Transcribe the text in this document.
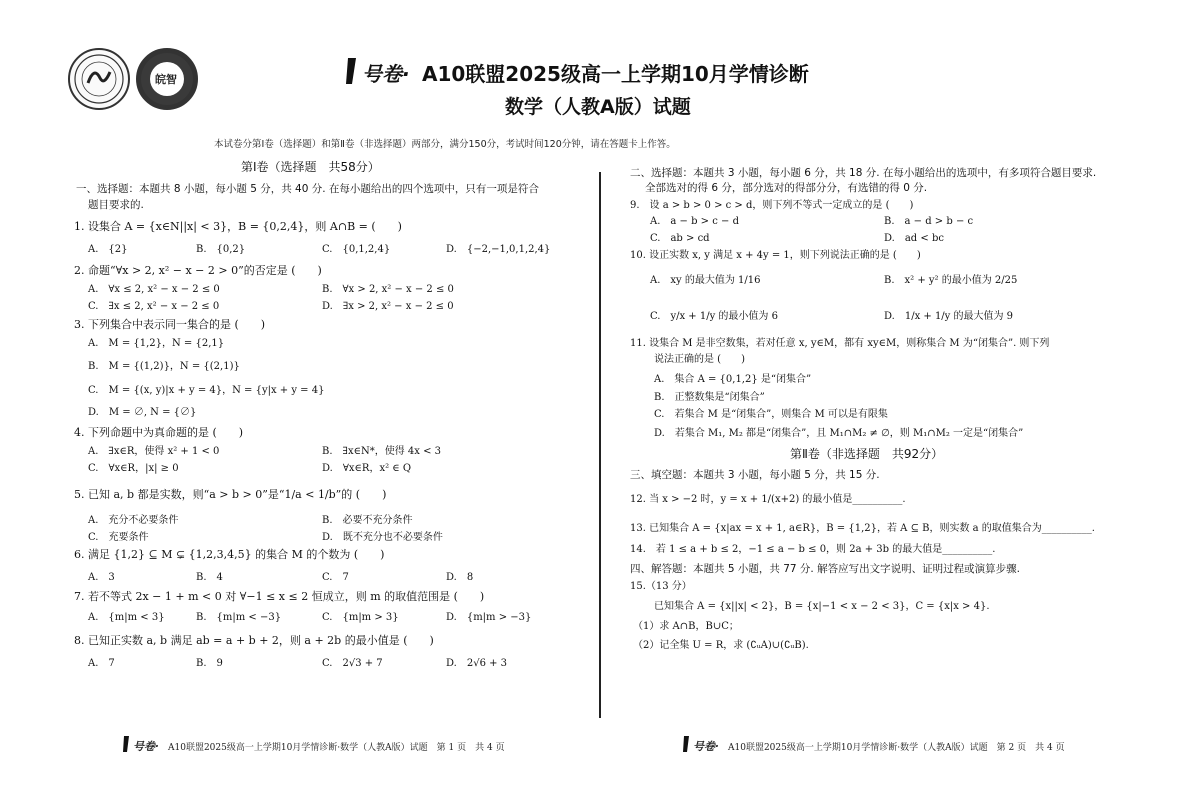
皖智	号卷· A10联盟2025级高一上学期10月学情诊断
数学（人教A版）试题
本试卷分第Ⅰ卷（选择题）和第Ⅱ卷（非选择题）两部分，满分150分，考试时间120分钟，请在答题卡上作答。
第Ⅰ卷（选择题　共58分）
一、选择题：本题共 8 小题，每小题 5 分，共 40 分. 在每小题给出的四个选项中，只有一项是符合
题目要求的.
1. 设集合 A = {x∈N||x| < 3}，B = {0,2,4}，则 A∩B = (　　)
A.　{2}	B.　{0,2}	C.　{0,1,2,4}	D.　{−2,−1,0,1,2,4}
2. 命题“∀x > 2, x² − x − 2 > 0”的否定是 (　　)
A.　∀x ≤ 2, x² − x − 2 ≤ 0	B.　∀x > 2, x² − x − 2 ≤ 0
C.　∃x ≤ 2, x² − x − 2 ≤ 0	D.　∃x > 2, x² − x − 2 ≤ 0
3. 下列集合中表示同一集合的是 (　　)
A.　M = {1,2}，N = {2,1}
B.　M = {(1,2)}，N = {(2,1)}
C.　M = {(x, y)|x + y = 4}，N = {y|x + y = 4}
D.　M = ∅, N = {∅}
4. 下列命题中为真命题的是 (　　)
A.　∃x∈R，使得 x² + 1 < 0	B.　∃x∈N*，使得 4x < 3
C.　∀x∈R，|x| ≥ 0	D.　∀x∈R，x² ∈ Q
5. 已知 a, b 都是实数，则“a > b > 0”是“1/a < 1/b”的 (　　)
A.　充分不必要条件	B.　必要不充分条件
C.　充要条件	D.　既不充分也不必要条件
6. 满足 {1,2} ⊆ M ⊊ {1,2,3,4,5} 的集合 M 的个数为 (　　)
A.　3	B.　4	C.　7	D.　8
7. 若不等式 2x − 1 + m < 0 对 ∀−1 ≤ x ≤ 2 恒成立，则 m 的取值范围是 (　　)
A.　{m|m < 3}	B.　{m|m < −3}	C.　{m|m > 3}	D.　{m|m > −3}
8. 已知正实数 a, b 满足 ab = a + b + 2，则 a + 2b 的最小值是 (　　)
A.　7	B.　9	C.　2√3 + 7	D.　2√6 + 3
二、选择题：本题共 3 小题，每小题 6 分，共 18 分. 在每小题给出的选项中，有多项符合题目要求.
全部选对的得 6 分，部分选对的得部分分，有选错的得 0 分.
9.　设 a > b > 0 > c > d，则下列不等式一定成立的是 (　　)
A.　a − b > c − d	B.　a − d > b − c
C.　ab > cd	D.　ad < bc
10. 设正实数 x, y 满足 x + 4y = 1，则下列说法正确的是 (　　)
A.　xy 的最大值为 1/16	B.　x² + y² 的最小值为 2/25
C.　y/x + 1/y 的最小值为 6	D.　1/x + 1/y 的最大值为 9
11. 设集合 M 是非空数集，若对任意 x, y∈M，都有 xy∈M，则称集合 M 为“闭集合”. 则下列
说法正确的是 (　　)
A.　集合 A = {0,1,2} 是“闭集合”
B.　正整数集是“闭集合”
C.　若集合 M 是“闭集合”，则集合 M 可以是有限集
D.　若集合 M₁, M₂ 都是“闭集合”，且 M₁∩M₂ ≠ ∅，则 M₁∩M₂ 一定是“闭集合”
第Ⅱ卷（非选择题　共92分）
三、填空题：本题共 3 小题，每小题 5 分，共 15 分.
12. 当 x > −2 时，y = x + 1/(x+2) 的最小值是__________.
13. 已知集合 A = {x|ax = x + 1, a∈R}，B = {1,2}，若 A ⊆ B，则实数 a 的取值集合为__________.
14.　若 1 ≤ a + b ≤ 2，−1 ≤ a − b ≤ 0，则 2a + 3b 的最大值是__________.
四、解答题：本题共 5 小题，共 77 分. 解答应写出文字说明、证明过程或演算步骤.
15.（13 分）
已知集合 A = {x||x| < 2}，B = {x|−1 < x − 2 < 3}，C = {x|x > 4}.
（1）求 A∩B，B∪C；
（2）记全集 U = R，求 (∁ᵤA)∪(∁ᵤB).
号卷· A10联盟2025级高一上学期10月学情诊断·数学（人教A版）试题　第 1 页　共 4 页	号卷· A10联盟2025级高一上学期10月学情诊断·数学（人教A版）试题　第 2 页　共 4 页
